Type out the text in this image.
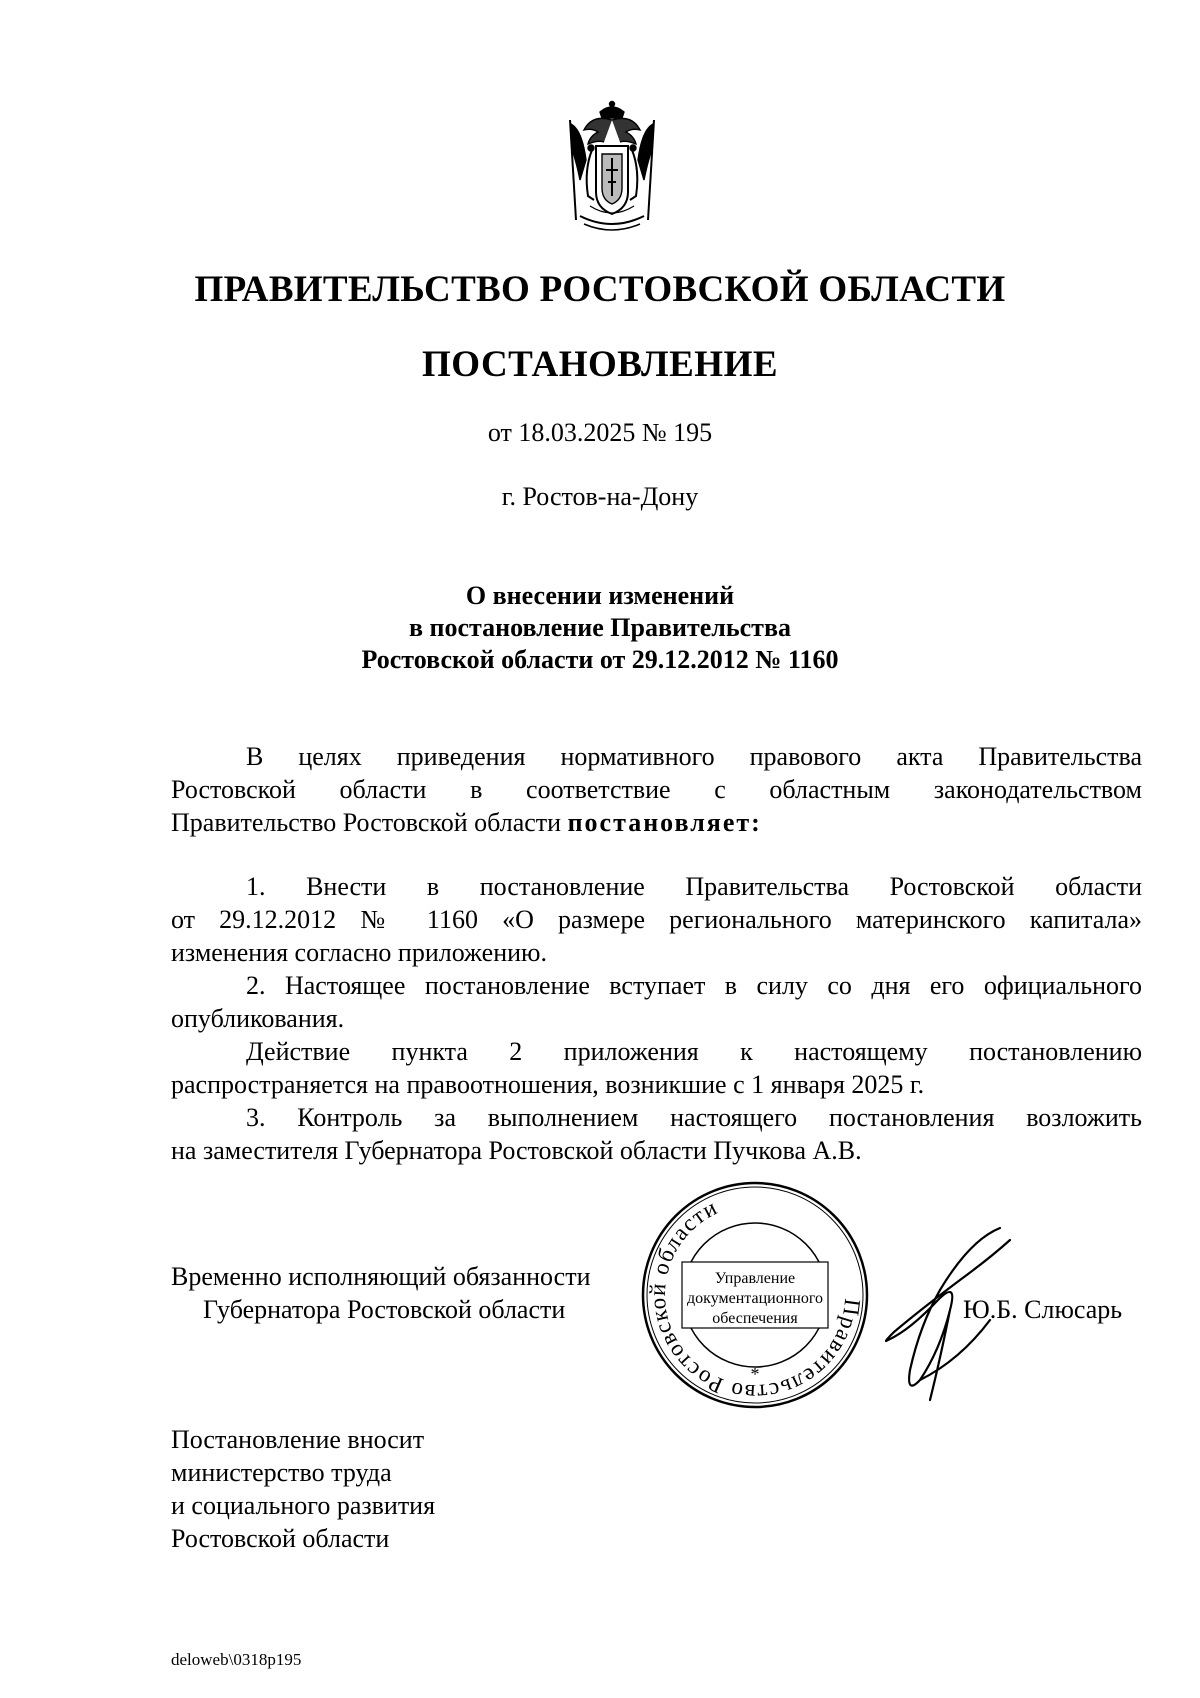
ПРАВИТЕЛЬСТВО РОСТОВСКОЙ ОБЛАСТИ
ПОСТАНОВЛЕНИЕ
от 18.03.2025 № 195
г. Ростов-на-Дону
О внесении изменений
в постановление Правительства
Ростовской области от 29.12.2012 № 1160
В целях приведения нормативного правового акта Правительства
Ростовской области в соответствие с областным законодательством
Правительство Ростовской области постановляет:
1. Внести в постановление Правительства Ростовской области
от 29.12.2012 № 1160 «О размере регионального материнского капитала»
изменения согласно приложению.
2. Настоящее постановление вступает в силу со дня его официального
опубликования.
Действие пункта 2 приложения к настоящему постановлению
распространяется на правоотношения, возникшие с 1 января 2025 г.
3. Контроль за выполнением настоящего постановления возложить
на заместителя Губернатора Ростовской области Пучкова А.В.
Временно исполняющий обязанности
Губернатора Ростовской области	Правительство Ростовской области
Управление
документационного
обеспечения
*
Ю.Б. Слюсарь
Постановление вносит
министерство труда
и социального развития
Ростовской области
deloweb\0318p195
